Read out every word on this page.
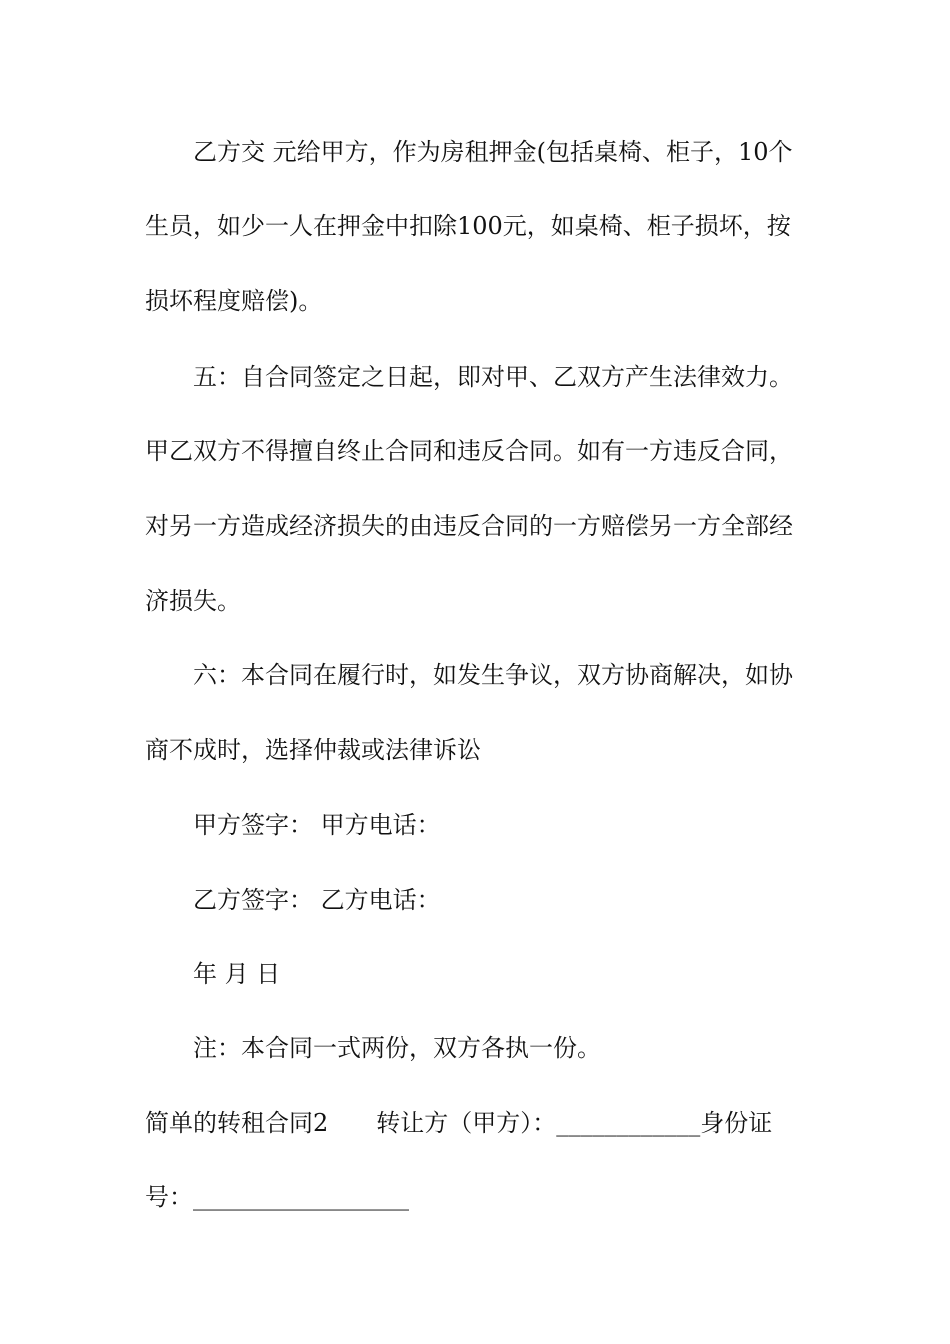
乙方交 元给甲方，作为房租押金(包括桌椅、柜子，10个
生员，如少一人在押金中扣除100元，如桌椅、柜子损坏，按
损坏程度赔偿)。
五：自合同签定之日起，即对甲、乙双方产生法律效力。
甲乙双方不得擅自终止合同和违反合同。如有一方违反合同，
对另一方造成经济损失的由违反合同的一方赔偿另一方全部经
济损失。
六：本合同在履行时，如发生争议，双方协商解决，如协
商不成时，选择仲裁或法律诉讼
甲方签字： 甲方电话：
乙方签字： 乙方电话：
年 月 日
注：本合同一式两份，双方各执一份。
简单的转租合同2 转让方（甲方）：____________身份证
号：__________________
